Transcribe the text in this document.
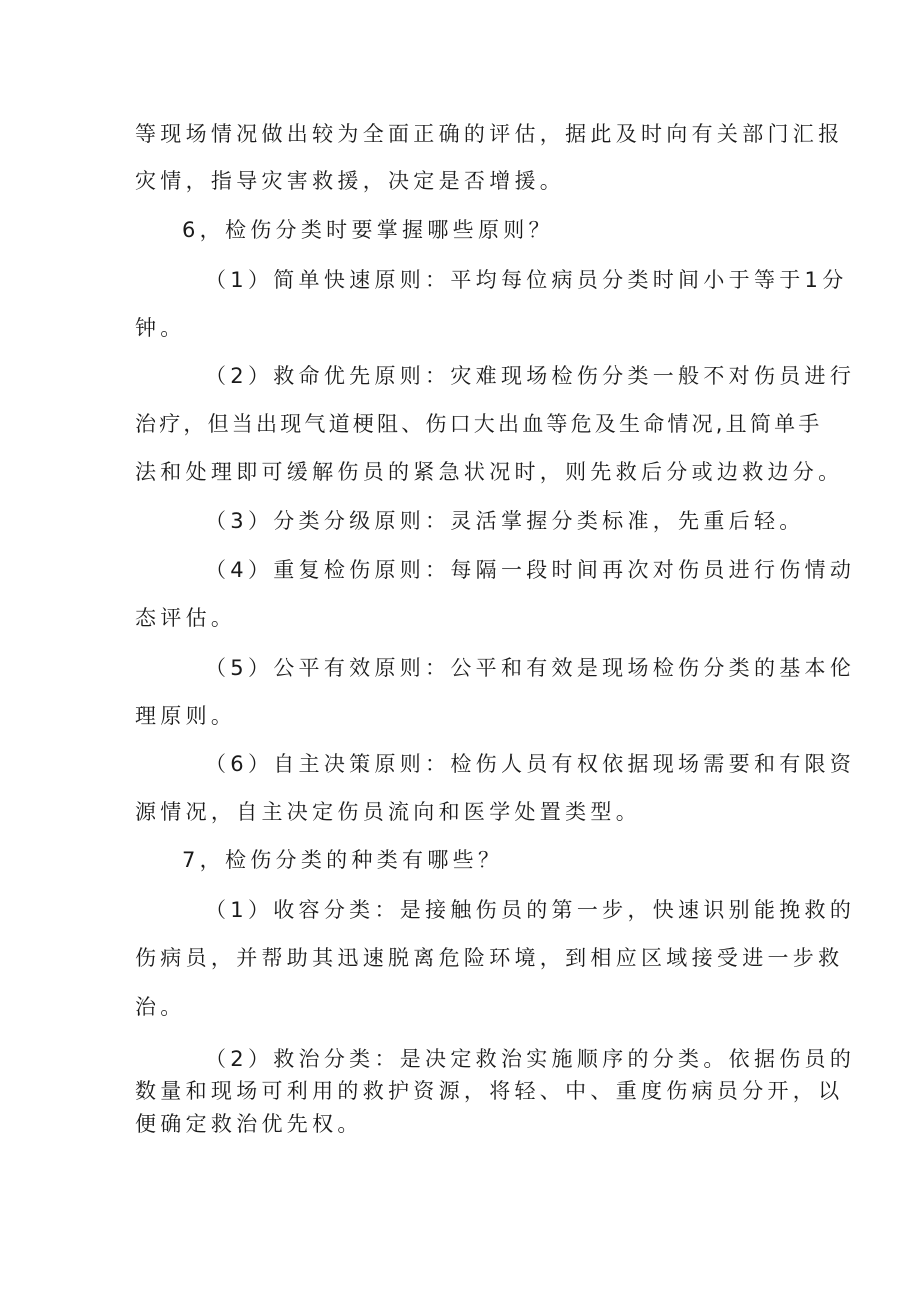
等现场情况做出较为全面正确的评估，据此及时向有关部门汇报
灾情，指导灾害救援，决定是否增援。
6，检伤分类时要掌握哪些原则？
（1）简单快速原则：平均每位病员分类时间小于等于1分
钟。
（2）救命优先原则：灾难现场检伤分类一般不对伤员进行
治疗，但当出现气道梗阻、伤口大出血等危及生命情况,且简单手
法和处理即可缓解伤员的紧急状况时，则先救后分或边救边分。
（3）分类分级原则：灵活掌握分类标准，先重后轻。
（4）重复检伤原则：每隔一段时间再次对伤员进行伤情动
态评估。
（5）公平有效原则：公平和有效是现场检伤分类的基本伦
理原则。
（6）自主决策原则：检伤人员有权依据现场需要和有限资
源情况，自主决定伤员流向和医学处置类型。
7，检伤分类的种类有哪些？
（1）收容分类：是接触伤员的第一步，快速识别能挽救的
伤病员，并帮助其迅速脱离危险环境，到相应区域接受进一步救
治。
（2）救治分类：是决定救治实施顺序的分类。依据伤员的
数量和现场可利用的救护资源，将轻、中、重度伤病员分开，以
便确定救治优先权。
